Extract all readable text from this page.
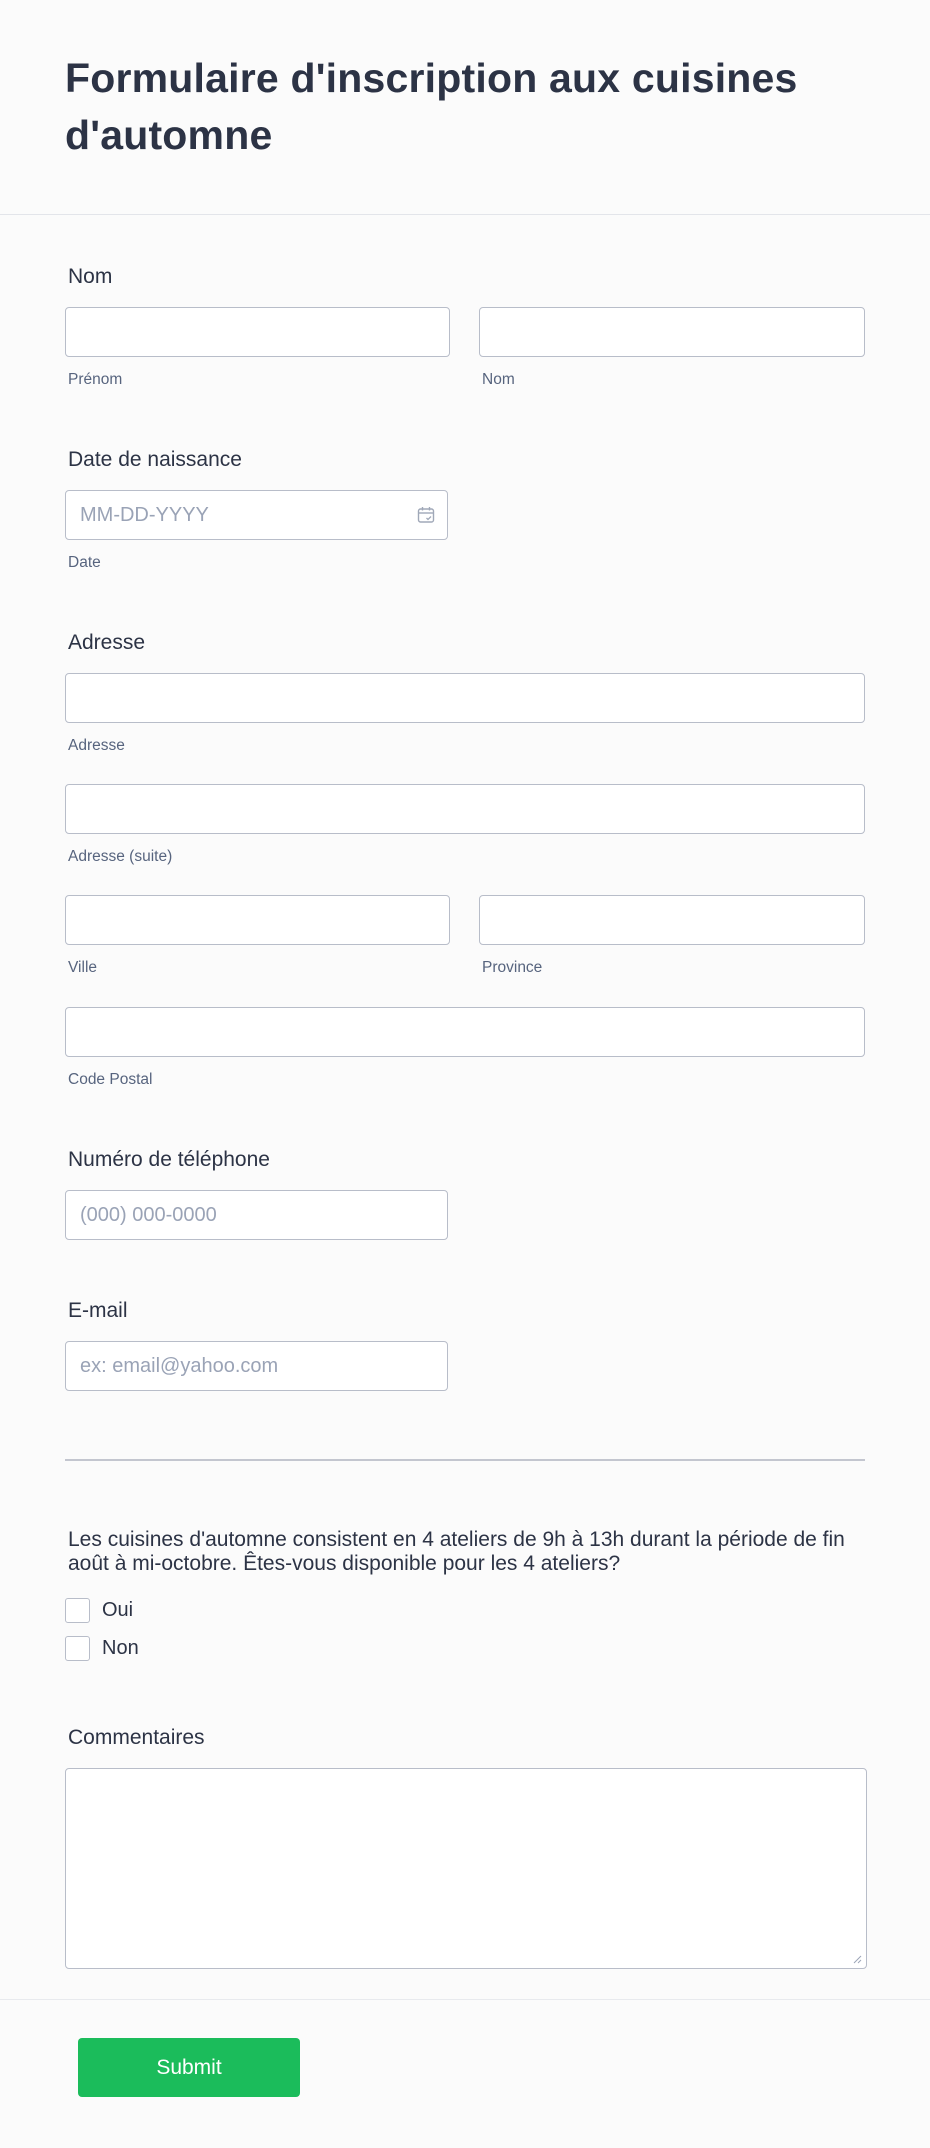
Formulaire d'inscription aux cuisines d'automne
Nom
Prénom	Nom
Date de naissance
MM-DD-YYYY
Date
Adresse
Adresse
Adresse (suite)
Ville	Province
Code Postal
Numéro de téléphone
(000) 000-0000
E-mail
ex: email@yahoo.com
Les cuisines d'automne consistent en 4 ateliers de 9h à 13h durant la période de fin août à mi-octobre. Êtes-vous disponible pour les 4 ateliers?
Oui
Non
Commentaires
Submit
